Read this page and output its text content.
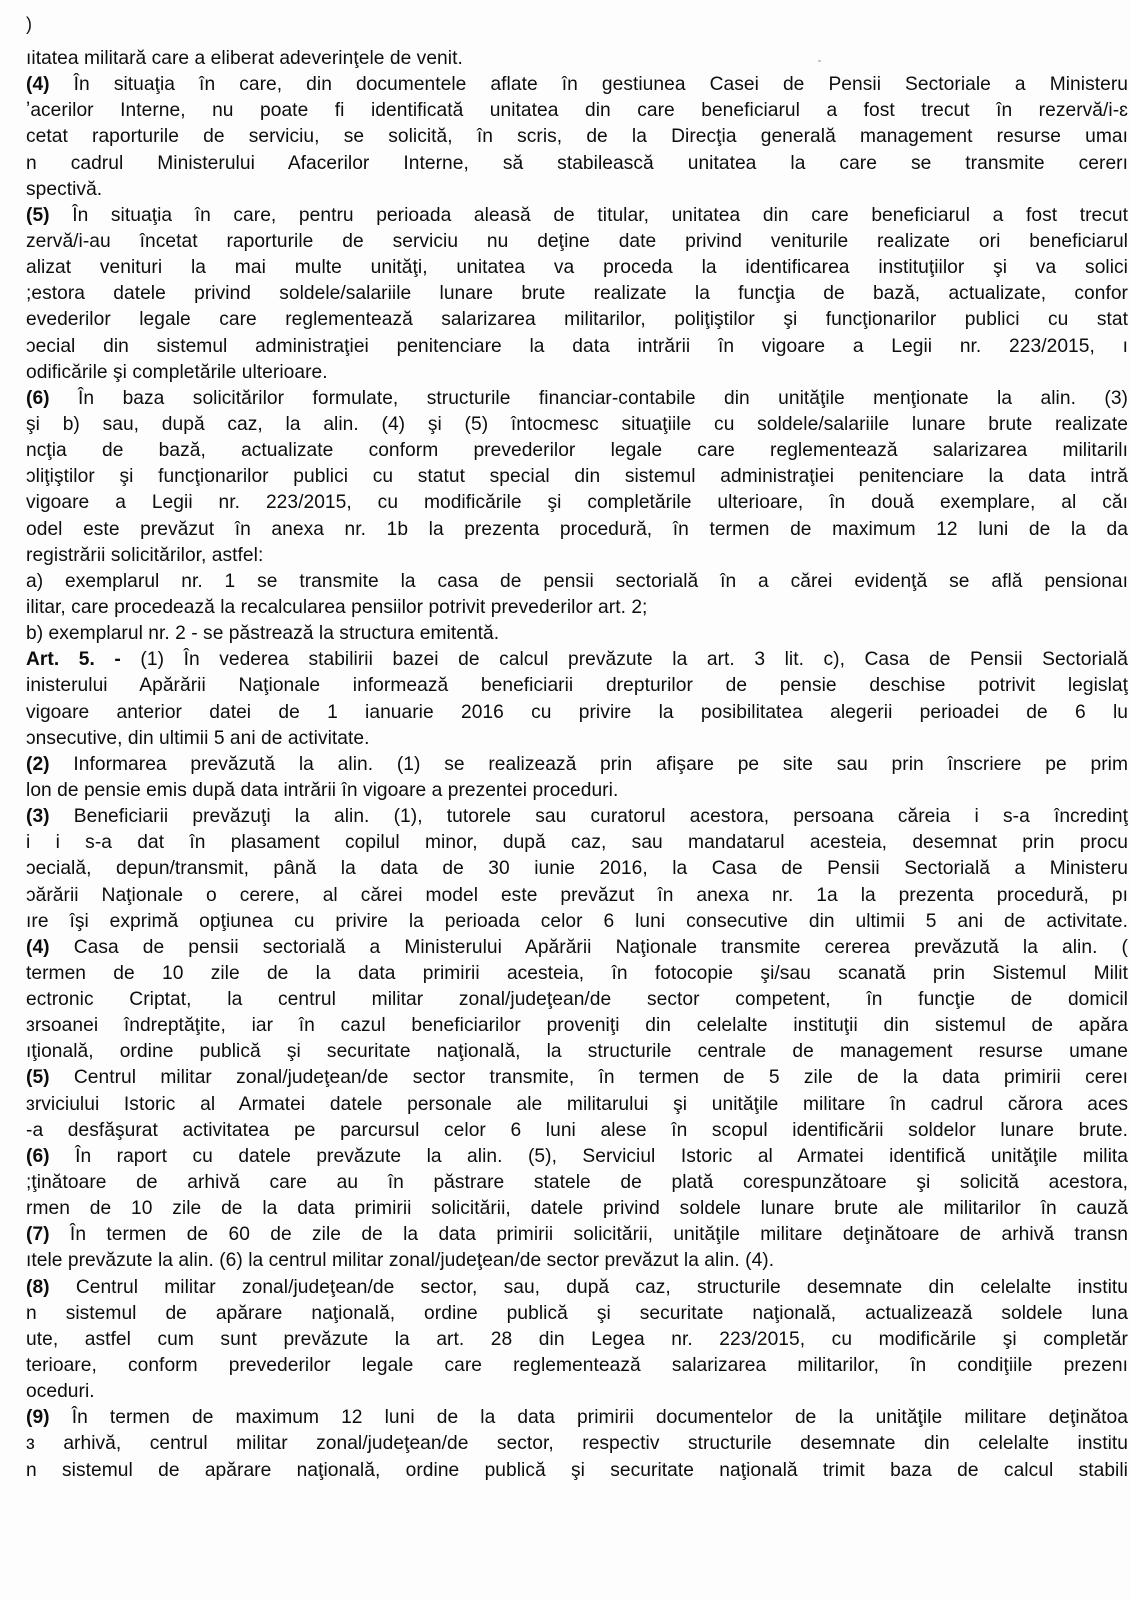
)
ıitatea militară care a eliberat adeverinţele de venit.
(4) În situaţia în care, din documentele aflate în gestiunea Casei de Pensii Sectoriale a Ministeru
ʼacerilor Interne, nu poate fi identificată unitatea din care beneficiarul a fost trecut în rezervă/i-ɛ
cetat raporturile de serviciu, se solicită, în scris, de la Direcţia generală management resurse umaı
n cadrul Ministerului Afacerilor Interne, să stabilească unitatea la care se transmite cererı
spectivă.
(5) În situaţia în care, pentru perioada aleasă de titular, unitatea din care beneficiarul a fost trecut
zervă/i-au încetat raporturile de serviciu nu deţine date privind veniturile realizate ori beneficiarul
alizat venituri la mai multe unităţi, unitatea va proceda la identificarea instituţiilor şi va solici
;estora datele privind soldele/salariile lunare brute realizate la funcţia de bază, actualizate, confor
evederilor legale care reglementează salarizarea militarilor, poliţiştilor şi funcţionarilor publici cu stat
ɔecial din sistemul administraţiei penitenciare la data intrării în vigoare a Legii nr. 223/2015, ı
odificările şi completările ulterioare.
(6) În baza solicitărilor formulate, structurile financiar-contabile din unităţile menţionate la alin. (3)
şi b) sau, după caz, la alin. (4) şi (5) întocmesc situaţiile cu soldele/salariile lunare brute realizate
ncţia de bază, actualizate conform prevederilor legale care reglementează salarizarea militarilı
ɔliţiştilor şi funcţionarilor publici cu statut special din sistemul administraţiei penitenciare la data intră
vigoare a Legii nr. 223/2015, cu modificările şi completările ulterioare, în două exemplare, al căı
odel este prevăzut în anexa nr. 1b la prezenta procedură, în termen de maximum 12 luni de la da
registrării solicitărilor, astfel:
a) exemplarul nr. 1 se transmite la casa de pensii sectorială în a cărei evidenţă se află pensionaı
ilitar, care procedează la recalcularea pensiilor potrivit prevederilor art. 2;
b) exemplarul nr. 2 - se păstrează la structura emitentă.
Art. 5. - (1) În vederea stabilirii bazei de calcul prevăzute la art. 3 lit. c), Casa de Pensii Sectorială
inisterului Apărării Naţionale informează beneficiarii drepturilor de pensie deschise potrivit legislaţ
vigoare anterior datei de 1 ianuarie 2016 cu privire la posibilitatea alegerii perioadei de 6 lu
ɔnsecutive, din ultimii 5 ani de activitate.
(2) Informarea prevăzută la alin. (1) se realizează prin afişare pe site sau prin înscriere pe prim
lon de pensie emis după data intrării în vigoare a prezentei proceduri.
(3) Beneficiarii prevăzuţi la alin. (1), tutorele sau curatorul acestora, persoana căreia i s-a încredinţ
i i s-a dat în plasament copilul minor, după caz, sau mandatarul acesteia, desemnat prin procu
ɔecială, depun/transmit, până la data de 30 iunie 2016, la Casa de Pensii Sectorială a Ministeru
ɔărării Naţionale o cerere, al cărei model este prevăzut în anexa nr. 1a la prezenta procedură, pı
ıre îşi exprimă opţiunea cu privire la perioada celor 6 luni consecutive din ultimii 5 ani de activitate.
(4) Casa de pensii sectorială a Ministerului Apărării Naţionale transmite cererea prevăzută la alin. (
termen de 10 zile de la data primirii acesteia, în fotocopie şi/sau scanată prin Sistemul Milit
ectronic Criptat, la centrul militar zonal/judeţean/de sector competent, în funcţie de domicil
ɜrsoanei îndreptăţite, iar în cazul beneficiarilor proveniţi din celelalte instituţii din sistemul de apăra
ıţională, ordine publică şi securitate naţională, la structurile centrale de management resurse umane
(5) Centrul militar zonal/judeţean/de sector transmite, în termen de 5 zile de la data primirii cereı
ɜrviciului Istoric al Armatei datele personale ale militarului şi unităţile militare în cadrul cărora aces
-a desfăşurat activitatea pe parcursul celor 6 luni alese în scopul identificării soldelor lunare brute.
(6) În raport cu datele prevăzute la alin. (5), Serviciul Istoric al Armatei identifică unităţile milita
;ţinătoare de arhivă care au în păstrare statele de plată corespunzătoare şi solicită acestora,
rmen de 10 zile de la data primirii solicitării, datele privind soldele lunare brute ale militarilor în cauză
(7) În termen de 60 de zile de la data primirii solicitării, unităţile militare deţinătoare de arhivă transn
ıtele prevăzute la alin. (6) la centrul militar zonal/judeţean/de sector prevăzut la alin. (4).
(8) Centrul militar zonal/judeţean/de sector, sau, după caz, structurile desemnate din celelalte institu
n sistemul de apărare naţională, ordine publică şi securitate naţională, actualizează soldele luna
ute, astfel cum sunt prevăzute la art. 28 din Legea nr. 223/2015, cu modificările şi completăr
terioare, conform prevederilor legale care reglementează salarizarea militarilor, în condiţiile prezenı
oceduri.
(9) În termen de maximum 12 luni de la data primirii documentelor de la unităţile militare deţinătoa
ɜ arhivă, centrul militar zonal/judeţean/de sector, respectiv structurile desemnate din celelalte institu
n sistemul de apărare naţională, ordine publică şi securitate naţională trimit baza de calcul stabili
